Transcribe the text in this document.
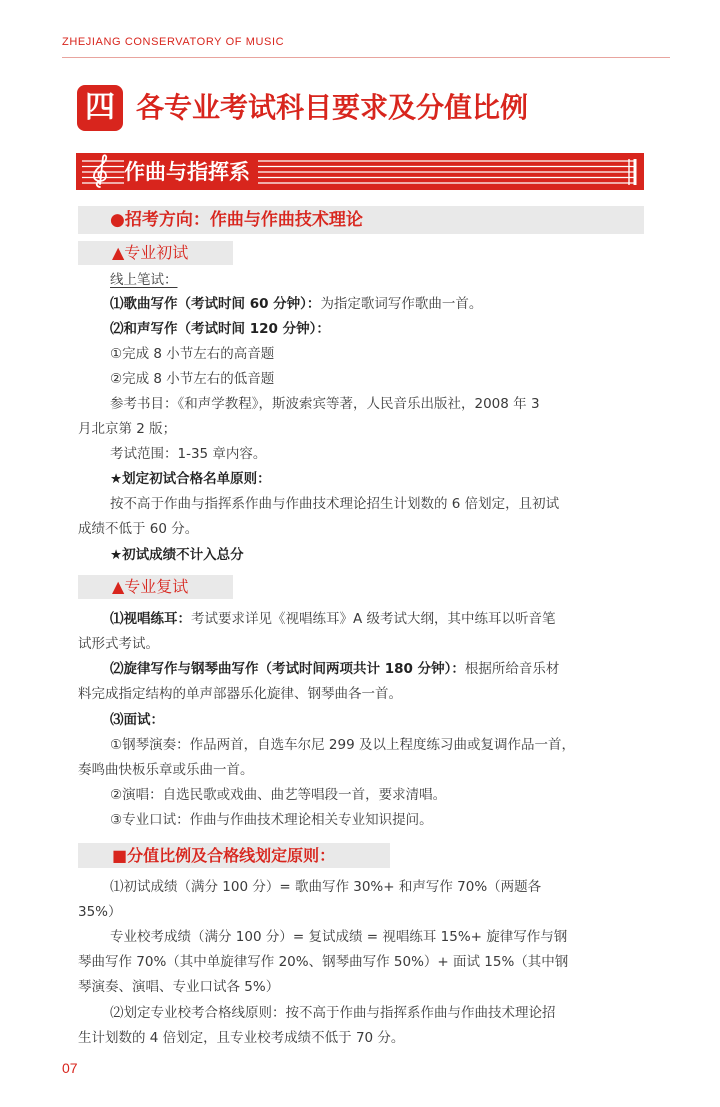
ZHEJIANG CONSERVATORY OF MUSIC
四 各专业考试科目要求及分值比例
作曲与指挥系
●招考方向：作曲与作曲技术理论
▲专业初试
线上笔试：
⑴歌曲写作（考试时间 60 分钟）：为指定歌词写作歌曲一首。
⑵和声写作（考试时间 120 分钟）：
①完成 8 小节左右的高音题
②完成 8 小节左右的低音题
参考书目：《和声学教程》，斯波索宾等著，人民音乐出版社，2008 年 3
月北京第 2 版；
考试范围：1-35 章内容。
★划定初试合格名单原则：
按不高于作曲与指挥系作曲与作曲技术理论招生计划数的 6 倍划定，且初试
成绩不低于 60 分。
★初试成绩不计入总分
▲专业复试
⑴视唱练耳：考试要求详见《视唱练耳》A 级考试大纲，其中练耳以听音笔
试形式考试。
⑵旋律写作与钢琴曲写作（考试时间两项共计 180 分钟）：根据所给音乐材
料完成指定结构的单声部器乐化旋律、钢琴曲各一首。
⑶面试：
①钢琴演奏：作品两首，自选车尔尼 299 及以上程度练习曲或复调作品一首，
奏鸣曲快板乐章或乐曲一首。
②演唱：自选民歌或戏曲、曲艺等唱段一首，要求清唱。
③专业口试：作曲与作曲技术理论相关专业知识提问。
■分值比例及合格线划定原则：
⑴初试成绩（满分 100 分）= 歌曲写作 30%+ 和声写作 70%（两题各
35%）
专业校考成绩（满分 100 分）= 复试成绩 = 视唱练耳 15%+ 旋律写作与钢
琴曲写作 70%（其中单旋律写作 20%、钢琴曲写作 50%）+ 面试 15%（其中钢
琴演奏、演唱、专业口试各 5%）
⑵划定专业校考合格线原则：按不高于作曲与指挥系作曲与作曲技术理论招
生计划数的 4 倍划定，且专业校考成绩不低于 70 分。
07
